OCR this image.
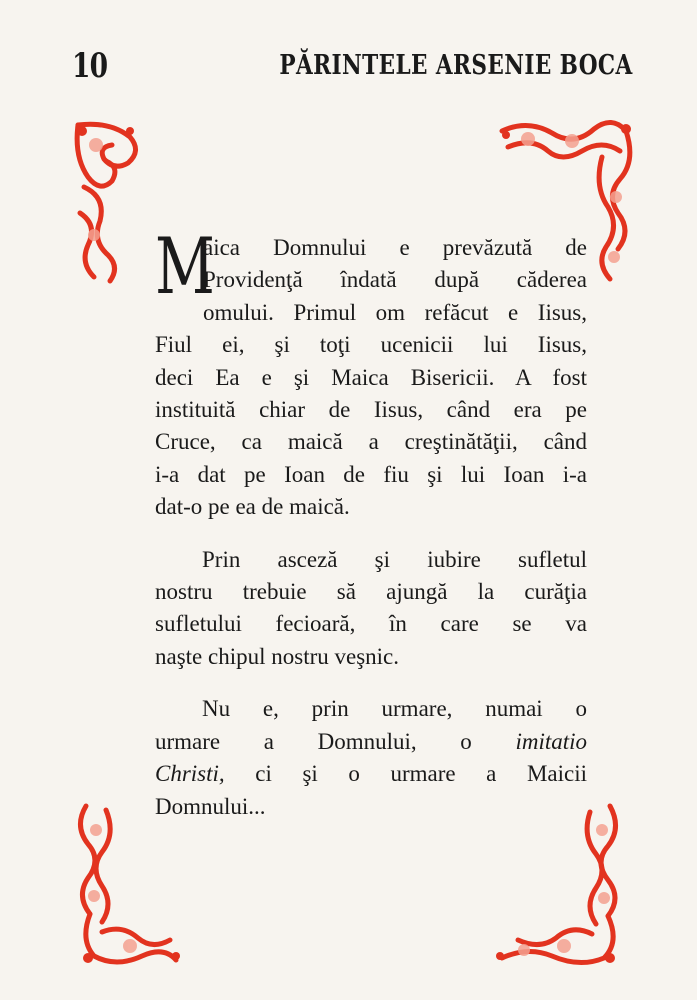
10	PĂRINTELE ARSENIE BOCA

M
aica Domnului e prevăzută de
Providenţă îndată după căderea
omului. Primul om refăcut e Iisus,
Fiul ei, şi toţi ucenicii lui Iisus,
deci Ea e şi Maica Bisericii. A fost
instituită chiar de Iisus, când era pe
Cruce, ca maică a creştinătăţii, când
i-a dat pe Ioan de fiu şi lui Ioan i-a
dat-o pe ea de maică.

Prin asceză şi iubire sufletul
nostru trebuie să ajungă la curăţia
sufletului fecioară, în care se va
naşte chipul nostru veşnic.

Nu e, prin urmare, numai o
urmare a Domnului, o imitatio
Christi, ci şi o urmare a Maicii
Domnului...
